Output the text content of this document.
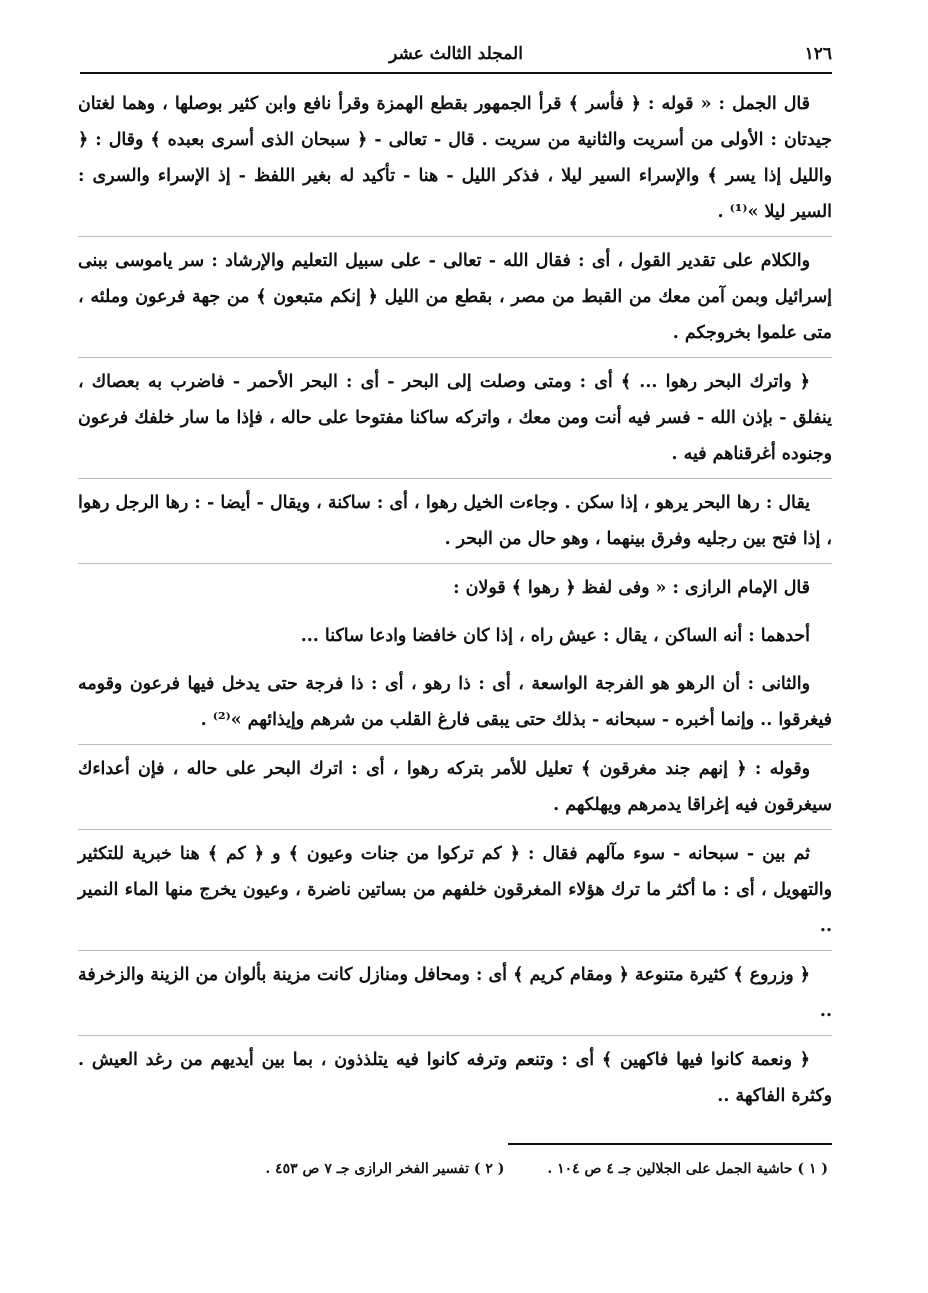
١٢٦
المجلد الثالث عشر

قال الجمل : « قوله : ﴿ فأسر ﴾ قرأ الجمهور بقطع الهمزة وقرأ نافع وابن كثير بوصلها ، وهما لغتان جيدتان : الأولى من أسريت والثانية من سريت . قال - تعالى - ﴿ سبحان الذى أسرى بعبده ﴾ وقال : ﴿ والليل إذا يسر ﴾ والإسراء السير ليلا ، فذكر الليل - هنا - تأكيد له بغير اللفظ - إذ الإسراء والسرى : السير ليلا »⁽¹⁾ .

والكلام على تقدير القول ، أى : فقال الله - تعالى - على سبيل التعليم والإرشاد : سر ياموسى ببنى إسرائيل وبمن آمن معك من القبط من مصر ، بقطع من الليل ﴿ إنكم متبعون ﴾ من جهة فرعون وملئه ، متى علموا بخروجكم .

﴿ واترك البحر رهوا ... ﴾ أى : ومتى وصلت إلى البحر - أى : البحر الأحمر - فاضرب به بعصاك ، ينفلق - بإذن الله - فسر فيه أنت ومن معك ، واتركه ساكنا مفتوحا على حاله ، فإذا ما سار خلفك فرعون وجنوده أغرقناهم فيه .

يقال : رها البحر يرهو ، إذا سكن . وجاءت الخيل رهوا ، أى : ساكنة ، ويقال - أيضا - : رها الرجل رهوا ، إذا فتح بين رجليه وفرق بينهما ، وهو حال من البحر .

قال الإمام الرازى : « وفى لفظ ﴿ رهوا ﴾ قولان :

أحدهما : أنه الساكن ، يقال : عيش راه ، إذا كان خافضا وادعا ساكنا ...

والثانى : أن الرهو هو الفرجة الواسعة ، أى : ذا رهو ، أى : ذا فرجة حتى يدخل فيها فرعون وقومه فيغرقوا .. وإنما أخبره - سبحانه - بذلك حتى يبقى فارغ القلب من شرهم وإيذائهم »⁽²⁾ .

وقوله : ﴿ إنهم جند مغرقون ﴾ تعليل للأمر بتركه رهوا ، أى : اترك البحر على حاله ، فإن أعداءك سيغرقون فيه إغراقا يدمرهم ويهلكهم .

ثم بين - سبحانه - سوء مآلهم فقال : ﴿ كم تركوا من جنات وعيون ﴾ و ﴿ كم ﴾ هنا خبرية للتكثير والتهويل ، أى : ما أكثر ما ترك هؤلاء المغرقون خلفهم من بساتين ناضرة ، وعيون يخرج منها الماء النمير ..

﴿ وزروع ﴾ كثيرة متنوعة ﴿ ومقام كريم ﴾ أى : ومحافل ومنازل كانت مزينة بألوان من الزينة والزخرفة ..

﴿ ونعمة كانوا فيها فاكهين ﴾ أى : وتنعم وترفه كانوا فيه يتلذذون ، بما بين أيديهم من رغد العيش . وكثرة الفاكهة ..

( ١ ) حاشية الجمل على الجلالين جـ ٤ ص ١٠٤ . ( ٢ ) تفسير الفخر الرازى جـ ٧ ص ٤٥٣ .
